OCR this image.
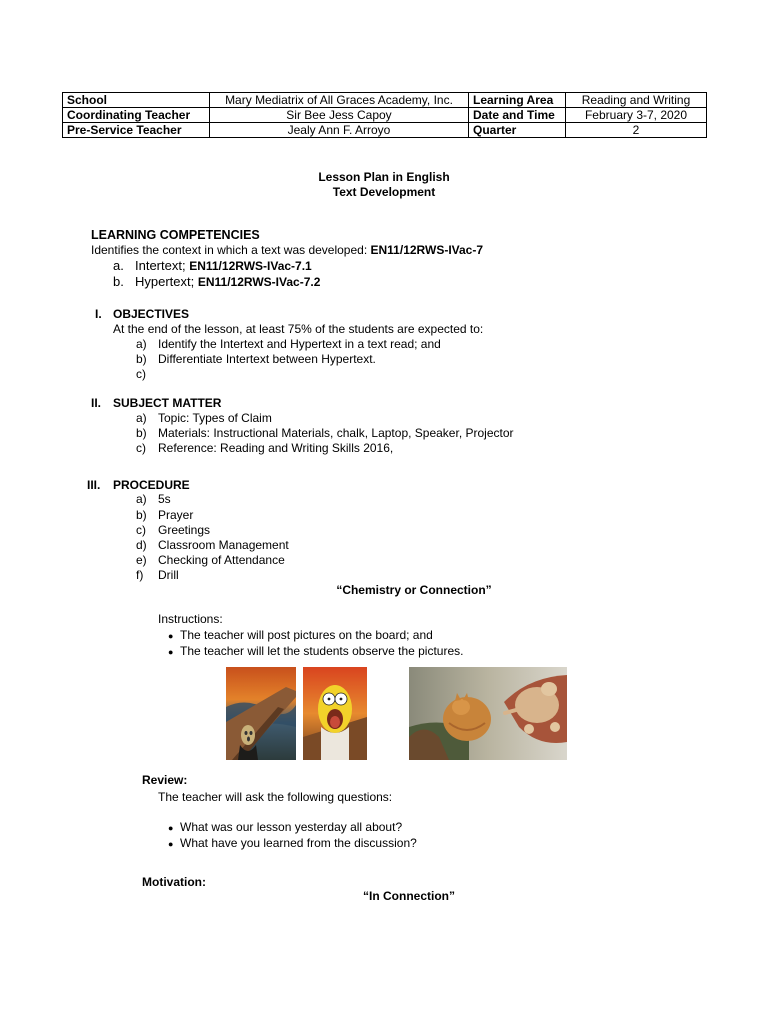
School	Mary Mediatrix of All Graces Academy, Inc.	Learning Area	Reading and Writing
Coordinating Teacher	Sir Bee Jess Capoy	Date and Time	February 3-7, 2020
Pre-Service Teacher	Jealy Ann F. Arroyo	Quarter	2
Lesson Plan in English
Text Development
LEARNING COMPETENCIES
Identifies the context in which a text was developed: EN11/12RWS-IVac-7
a. Intertext; EN11/12RWS-IVac-7.1
b. Hypertext; EN11/12RWS-IVac-7.2
I. OBJECTIVES
At the end of the lesson, at least 75% of the students are expected to:
a) Identify the Intertext and Hypertext in a text read; and
b) Differentiate Intertext between Hypertext.
c)
II. SUBJECT MATTER
a) Topic: Types of Claim
b) Materials: Instructional Materials, chalk, Laptop, Speaker, Projector
c) Reference: Reading and Writing Skills 2016,
III. PROCEDURE
a) 5s
b) Prayer
c) Greetings
d) Classroom Management
e) Checking of Attendance
f) Drill
“Chemistry or Connection”
Instructions:
● The teacher will post pictures on the board; and
● The teacher will let the students observe the pictures.
Review:
The teacher will ask the following questions:
● What was our lesson yesterday all about?
● What have you learned from the discussion?
Motivation:
“In Connection”
